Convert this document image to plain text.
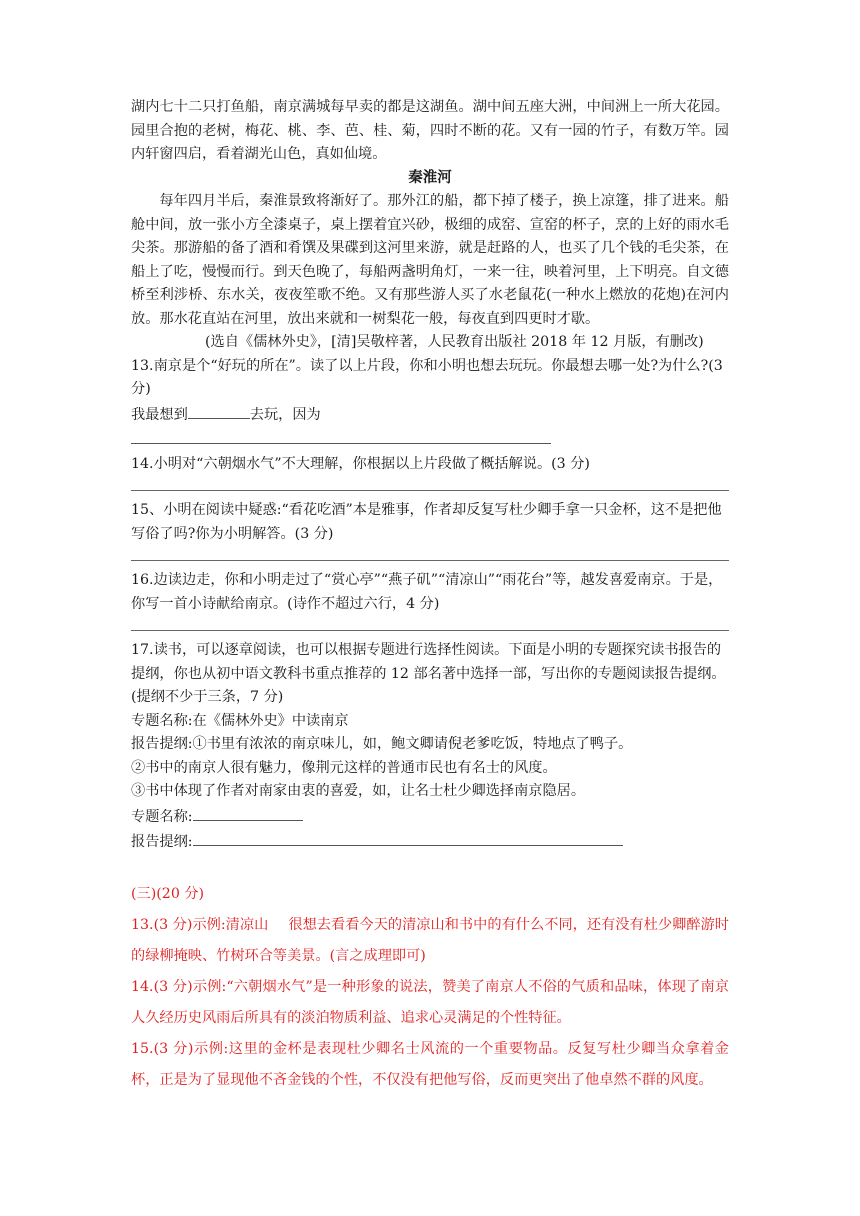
湖内七十二只打鱼船，南京满城每早卖的都是这湖鱼。湖中间五座大洲，中间洲上一所大花园。园里合抱的老树，梅花、桃、李、芭、桂、菊，四时不断的花。又有一园的竹子，有数万竿。园内轩窗四启，看着湖光山色，真如仙境。

秦淮河

每年四月半后，秦淮景致将渐好了。那外江的船，都下掉了楼子，换上凉篷，排了进来。船舱中间，放一张小方全漆桌子，桌上摆着宜兴砂，极细的成窑、宣窑的杯子，烹的上好的雨水毛尖茶。那游船的备了酒和肴馔及果碟到这河里来游，就是赶路的人，也买了几个钱的毛尖茶，在船上了吃，慢慢而行。到天色晚了，每船两盏明角灯，一来一往，映着河里，上下明亮。自文德桥至利涉桥、东水关，夜夜笙歌不绝。又有那些游人买了水老鼠花(一种水上燃放的花炮)在河内放。那水花直站在河里，放出来就和一树梨花一般，每夜直到四更时才歇。

(选自《儒林外史》，[清]吴敬梓著，人民教育出版社 2018 年 12 月版，有删改)

13.南京是个“好玩的所在”。读了以上片段，你和小明也想去玩玩。你最想去哪一处?为什么?(3 分)

我最想到	去玩，因为

14.小明对“六朝烟水气”不大理解，你根据以上片段做了概括解说。(3 分)

15、小明在阅读中疑惑:“看花吃酒”本是雅事，作者却反复写杜少卿手拿一只金杯，这不是把他写俗了吗?你为小明解答。(3 分)

16.边读边走，你和小明走过了“赏心亭”“燕子矶”“清凉山”“雨花台”等，越发喜爱南京。于是，你写一首小诗献给南京。(诗作不超过六行，4 分)

17.读书，可以逐章阅读，也可以根据专题进行选择性阅读。下面是小明的专题探究读书报告的提纲，你也从初中语文教科书重点推荐的 12 部名著中选择一部，写出你的专题阅读报告提纲。(提纲不少于三条，7 分)

专题名称:在《儒林外史》中读南京

报告提纲:①书里有浓浓的南京味儿，如，鲍文卿请倪老爹吃饭，特地点了鸭子。

②书中的南京人很有魅力，像荆元这样的普通市民也有名士的风度。

③书中体现了作者对南家由衷的喜爱，如，让名士杜少卿选择南京隐居。

专题名称:

报告提纲:

(三)(20 分)

13.(3 分)示例:清凉山 很想去看看今天的清凉山和书中的有什么不同，还有没有杜少卿醉游时的绿柳掩映、竹树环合等美景。(言之成理即可)

14.(3 分)示例:“六朝烟水气”是一种形象的说法，赞美了南京人不俗的气质和品味，体现了南京人久经历史风雨后所具有的淡泊物质利益、追求心灵满足的个性特征。

15.(3 分)示例:这里的金杯是表现杜少卿名士风流的一个重要物品。反复写杜少卿当众拿着金杯，正是为了显现他不吝金钱的个性，不仅没有把他写俗，反而更突出了他卓然不群的风度。
